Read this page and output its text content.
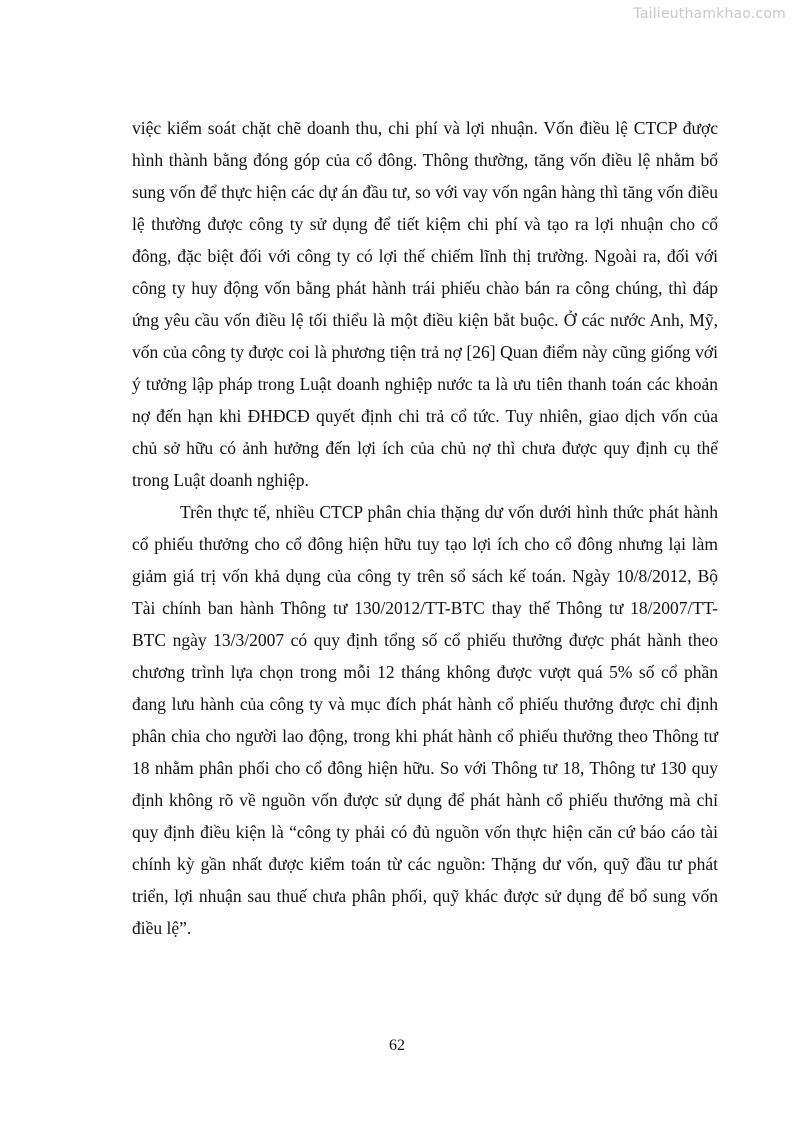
Tailieuthamkhao.com

việc kiểm soát chặt chẽ doanh thu, chi phí và lợi nhuận. Vốn điều lệ CTCP được hình thành bằng đóng góp của cổ đông. Thông thường, tăng vốn điều lệ nhằm bổ sung vốn để thực hiện các dự án đầu tư, so với vay vốn ngân hàng thì tăng vốn điều lệ thường được công ty sử dụng để tiết kiệm chi phí và tạo ra lợi nhuận cho cổ đông, đặc biệt đối với công ty có lợi thế chiếm lĩnh thị trường. Ngoài ra, đối với công ty huy động vốn bằng phát hành trái phiếu chào bán ra công chúng, thì đáp ứng yêu cầu vốn điều lệ tối thiểu là một điều kiện bắt buộc. Ở các nước Anh, Mỹ, vốn của công ty được coi là phương tiện trả nợ [26] Quan điểm này cũng giống với ý tưởng lập pháp trong Luật doanh nghiệp nước ta là ưu tiên thanh toán các khoản nợ đến hạn khi ĐHĐCĐ quyết định chi trả cổ tức. Tuy nhiên, giao dịch vốn của chủ sở hữu có ảnh hưởng đến lợi ích của chủ nợ thì chưa được quy định cụ thể trong Luật doanh nghiệp.

Trên thực tế, nhiều CTCP phân chia thặng dư vốn dưới hình thức phát hành cổ phiếu thưởng cho cổ đông hiện hữu tuy tạo lợi ích cho cổ đông nhưng lại làm giảm giá trị vốn khả dụng của công ty trên sổ sách kế toán. Ngày 10/8/2012, Bộ Tài chính ban hành Thông tư 130/2012/TT-BTC thay thế Thông tư 18/2007/TT-BTC ngày 13/3/2007 có quy định tổng số cổ phiếu thưởng được phát hành theo chương trình lựa chọn trong mỗi 12 tháng không được vượt quá 5% số cổ phần đang lưu hành của công ty và mục đích phát hành cổ phiếu thưởng được chỉ định phân chia cho người lao động, trong khi phát hành cổ phiếu thưởng theo Thông tư 18 nhằm phân phối cho cổ đông hiện hữu. So với Thông tư 18, Thông tư 130 quy định không rõ về nguồn vốn được sử dụng để phát hành cổ phiếu thưởng mà chỉ quy định điều kiện là “công ty phải có đủ nguồn vốn thực hiện căn cứ báo cáo tài chính kỳ gần nhất được kiểm toán từ các nguồn: Thặng dư vốn, quỹ đầu tư phát triển, lợi nhuận sau thuế chưa phân phối, quỹ khác được sử dụng để bổ sung vốn điều lệ”.

62
